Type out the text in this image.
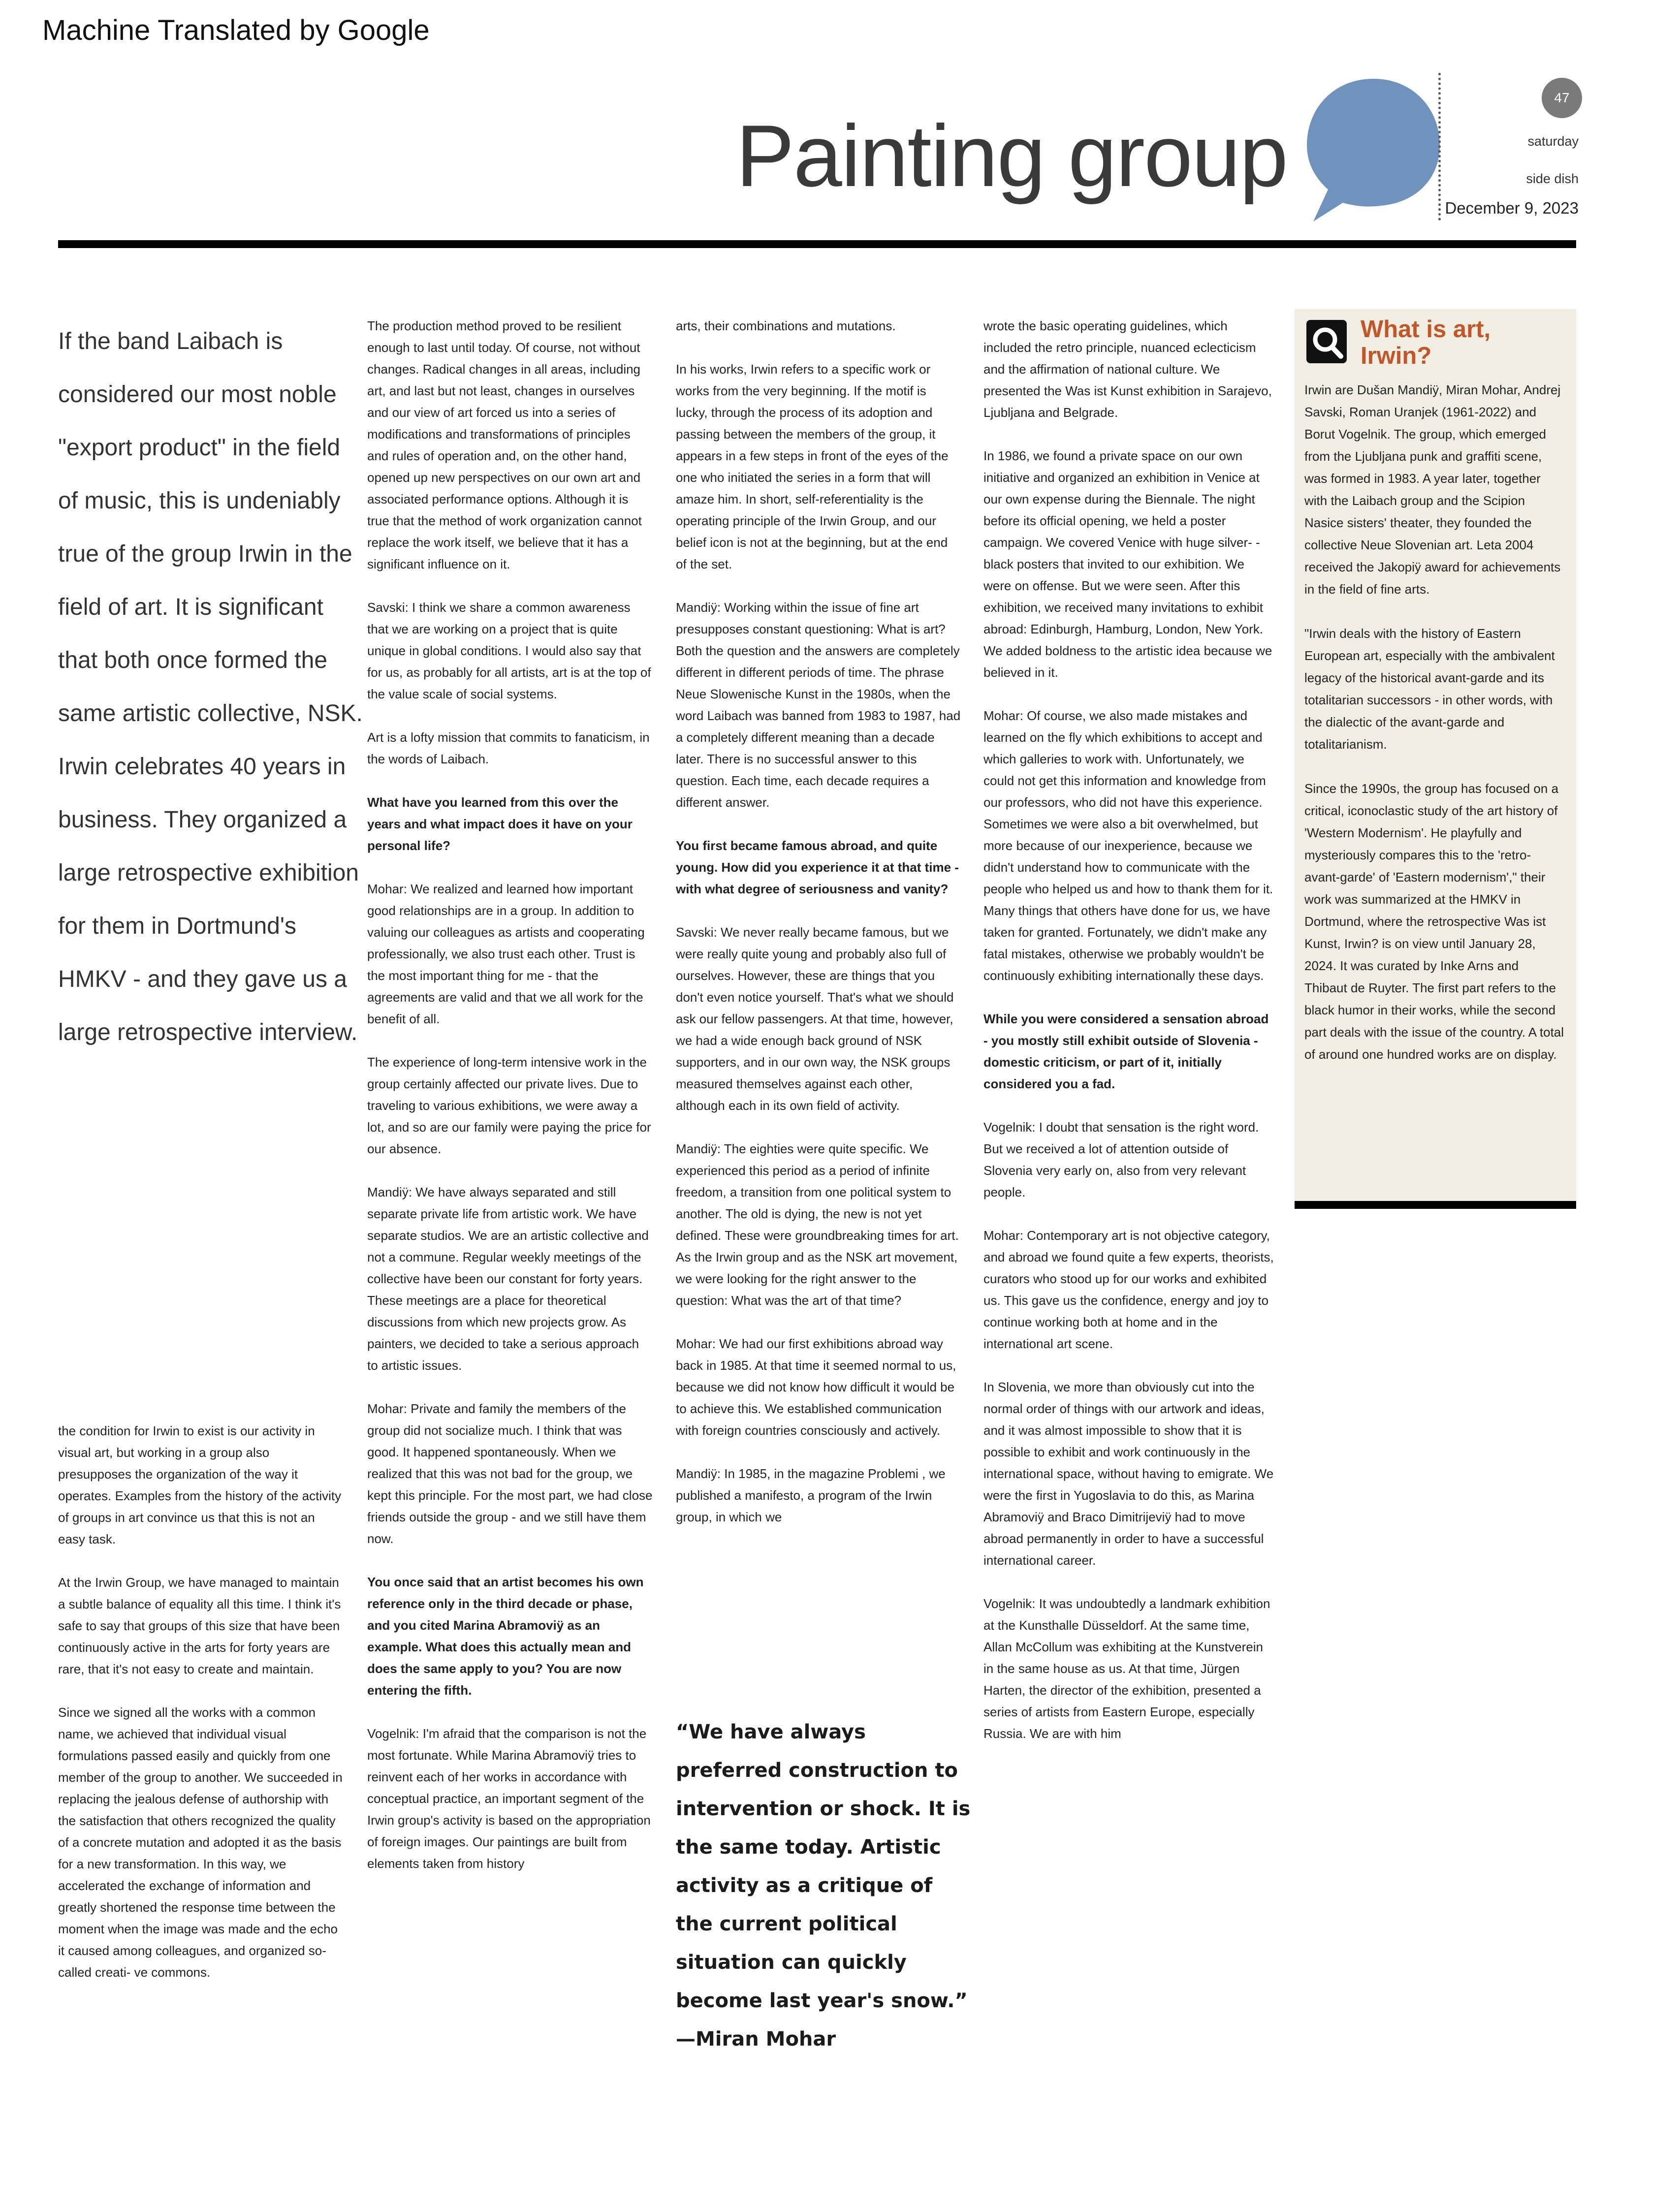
Machine Translated by Google
Painting group
47
saturday
side dish
December 9, 2023
If the band Laibach is considered our most noble "export product" in the field of music, this is undeniably true of the group Irwin in the field of art. It is significant that both once formed the same artistic collective, NSK. Irwin celebrates 40 years in business. They organized a large retrospective exhibition for them in Dortmund's HMKV - and they gave us a large retrospective interview.

the condition for Irwin to exist is our activity in visual art, but working in a group also presupposes the organization of the way it operates. Examples from the history of the activity of groups in art convince us that this is not an easy task.

At the Irwin Group, we have managed to maintain a subtle balance of equality all this time. I think it's safe to say that groups of this size that have been continuously active in the arts for forty years are rare, that it's not easy to create and maintain.

Since we signed all the works with a common name, we achieved that individual visual formulations passed easily and quickly from one member of the group to another. We succeeded in replacing the jealous defense of authorship with the satisfaction that others recognized the quality of a concrete mutation and adopted it as the basis for a new transformation. In this way, we accelerated the exchange of information and greatly shortened the response time between the moment when the image was made and the echo it caused among colleagues, and organized so-called creati- ve commons.

The production method proved to be resilient enough to last until today. Of course, not without changes. Radical changes in all areas, including art, and last but not least, changes in ourselves and our view of art forced us into a series of modifications and transformations of principles and rules of operation and, on the other hand, opened up new perspectives on our own art and associated performance options. Although it is true that the method of work organization cannot replace the work itself, we believe that it has a significant influence on it.

Savski: I think we share a common awareness that we are working on a project that is quite unique in global conditions. I would also say that for us, as probably for all artists, art is at the top of the value scale of social systems.

Art is a lofty mission that commits to fanaticism, in the words of Laibach.

What have you learned from this over the years and what impact does it have on your personal life?

Mohar: We realized and learned how important good relationships are in a group. In addition to valuing our colleagues as artists and cooperating professionally, we also trust each other. Trust is the most important thing for me - that the agreements are valid and that we all work for the benefit of all.

The experience of long-term intensive work in the group certainly affected our private lives. Due to traveling to various exhibitions, we were away a lot, and so are our family were paying the price for our absence.

Mandiÿ: We have always separated and still separate private life from artistic work. We have separate studios. We are an artistic collective and not a commune. Regular weekly meetings of the collective have been our constant for forty years. These meetings are a place for theoretical discussions from which new projects grow. As painters, we decided to take a serious approach to artistic issues.

Mohar: Private and family the members of the group did not socialize much. I think that was good. It happened spontaneously. When we realized that this was not bad for the group, we kept this principle. For the most part, we had close friends outside the group - and we still have them now.

You once said that an artist becomes his own reference only in the third decade or phase, and you cited Marina Abramoviÿ as an example. What does this actually mean and does the same apply to you? You are now entering the fifth.

Vogelnik: I'm afraid that the comparison is not the most fortunate. While Marina Abramoviÿ tries to reinvent each of her works in accordance with conceptual practice, an important segment of the Irwin group's activity is based on the appropriation of foreign images. Our paintings are built from elements taken from history

arts, their combinations and mutations.

In his works, Irwin refers to a specific work or works from the very beginning. If the motif is lucky, through the process of its adoption and passing between the members of the group, it appears in a few steps in front of the eyes of the one who initiated the series in a form that will amaze him. In short, self-referentiality is the operating principle of the Irwin Group, and our belief icon is not at the beginning, but at the end of the set.

Mandiÿ: Working within the issue of fine art presupposes constant questioning: What is art? Both the question and the answers are completely different in different periods of time. The phrase Neue Slowenische Kunst in the 1980s, when the word Laibach was banned from 1983 to 1987, had a completely different meaning than a decade later. There is no successful answer to this question. Each time, each decade requires a different answer.

You first became famous abroad, and quite young. How did you experience it at that time - with what degree of seriousness and vanity?

Savski: We never really became famous, but we were really quite young and probably also full of ourselves. However, these are things that you don't even notice yourself. That's what we should ask our fellow passengers. At that time, however, we had a wide enough back ground of NSK supporters, and in our own way, the NSK groups measured themselves against each other, although each in its own field of activity.

Mandiÿ: The eighties were quite specific. We experienced this period as a period of infinite freedom, a transition from one political system to another. The old is dying, the new is not yet defined. These were groundbreaking times for art. As the Irwin group and as the NSK art movement, we were looking for the right answer to the question: What was the art of that time?

Mohar: We had our first exhibitions abroad way back in 1985. At that time it seemed normal to us, because we did not know how difficult it would be to achieve this. We established communication with foreign countries consciously and actively.

Mandiÿ: In 1985, in the magazine Problemi , we published a manifesto, a program of the Irwin group, in which we

“We have always preferred construction to intervention or shock. It is the same today. Artistic activity as a critique of the current political situation can quickly become last year's snow.”
—Miran Mohar

wrote the basic operating guidelines, which included the retro principle, nuanced eclecticism and the affirmation of national culture. We presented the Was ist Kunst exhibition in Sarajevo, Ljubljana and Belgrade.

In 1986, we found a private space on our own initiative and organized an exhibition in Venice at our own expense during the Biennale. The night before its official opening, we held a poster campaign. We covered Venice with huge silver- - black posters that invited to our exhibition. We were on offense. But we were seen. After this exhibition, we received many invitations to exhibit abroad: Edinburgh, Hamburg, London, New York. We added boldness to the artistic idea because we believed in it.

Mohar: Of course, we also made mistakes and learned on the fly which exhibitions to accept and which galleries to work with. Unfortunately, we could not get this information and knowledge from our professors, who did not have this experience. Sometimes we were also a bit overwhelmed, but more because of our inexperience, because we didn't understand how to communicate with the people who helped us and how to thank them for it. Many things that others have done for us, we have taken for granted. Fortunately, we didn't make any fatal mistakes, otherwise we probably wouldn't be continuously exhibiting internationally these days.

While you were considered a sensation abroad - you mostly still exhibit outside of Slovenia - domestic criticism, or part of it, initially considered you a fad.

Vogelnik: I doubt that sensation is the right word. But we received a lot of attention outside of Slovenia very early on, also from very relevant people.

Mohar: Contemporary art is not objective category, and abroad we found quite a few experts, theorists, curators who stood up for our works and exhibited us. This gave us the confidence, energy and joy to continue working both at home and in the international art scene.

In Slovenia, we more than obviously cut into the normal order of things with our artwork and ideas, and it was almost impossible to show that it is possible to exhibit and work continuously in the international space, without having to emigrate. We were the first in Yugoslavia to do this, as Marina Abramoviÿ and Braco Dimitrijeviÿ had to move abroad permanently in order to have a successful international career.

Vogelnik: It was undoubtedly a landmark exhibition at the Kunsthalle Düsseldorf. At the same time, Allan McCollum was exhibiting at the Kunstverein in the same house as us. At that time, Jürgen Harten, the director of the exhibition, presented a series of artists from Eastern Europe, especially Russia. We are with him

What is art, Irwin?

Irwin are Dušan Mandiÿ, Miran Mohar, Andrej Savski, Roman Uranjek (1961-2022) and Borut Vogelnik. The group, which emerged from the Ljubljana punk and graffiti scene, was formed in 1983. A year later, together with the Laibach group and the Scipion Nasice sisters' theater, they founded the collective Neue Slovenian art. Leta 2004 received the Jakopiÿ award for achievements in the field of fine arts.

"Irwin deals with the history of Eastern European art, especially with the ambivalent legacy of the historical avant-garde and its totalitarian successors - in other words, with the dialectic of the avant-garde and totalitarianism.

Since the 1990s, the group has focused on a critical, iconoclastic study of the art history of 'Western Modernism'. He playfully and mysteriously compares this to the 'retro-avant-garde' of 'Eastern modernism'," their work was summarized at the HMKV in Dortmund, where the retrospective Was ist Kunst, Irwin? is on view until January 28, 2024. It was curated by Inke Arns and Thibaut de Ruyter. The first part refers to the black humor in their works, while the second part deals with the issue of the country. A total of around one hundred works are on display.
